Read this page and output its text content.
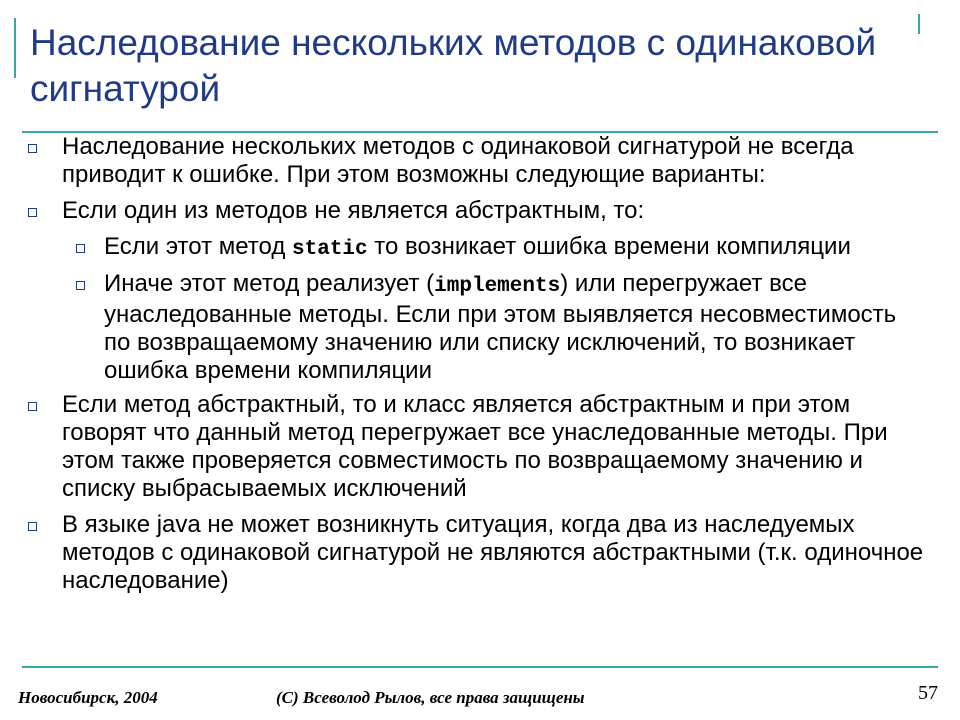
Наследование нескольких методов с одинаковой сигнатурой
Наследование нескольких методов с одинаковой сигнатурой не всегда приводит к ошибке. При этом возможны следующие варианты:
Если один из методов не является абстрактным, то:
Если этот метод static то возникает ошибка времени компиляции
Иначе этот метод реализует (implements) или перегружает все унаследованные методы. Если при этом выявляется несовместимость по возвращаемому значению или списку исключений, то возникает ошибка времени компиляции
Если метод абстрактный, то и класс является абстрактным и при этом говорят что данный метод перегружает все унаследованные методы. При этом также проверяется совместимость по возвращаемому значению и списку выбрасываемых исключений
В языке java не может возникнуть ситуация, когда два из наследуемых методов с одинаковой сигнатурой не являются абстрактными (т.к. одиночное наследование)
Новосибирск, 2004	(С) Всеволод Рылов, все права защищены	57
